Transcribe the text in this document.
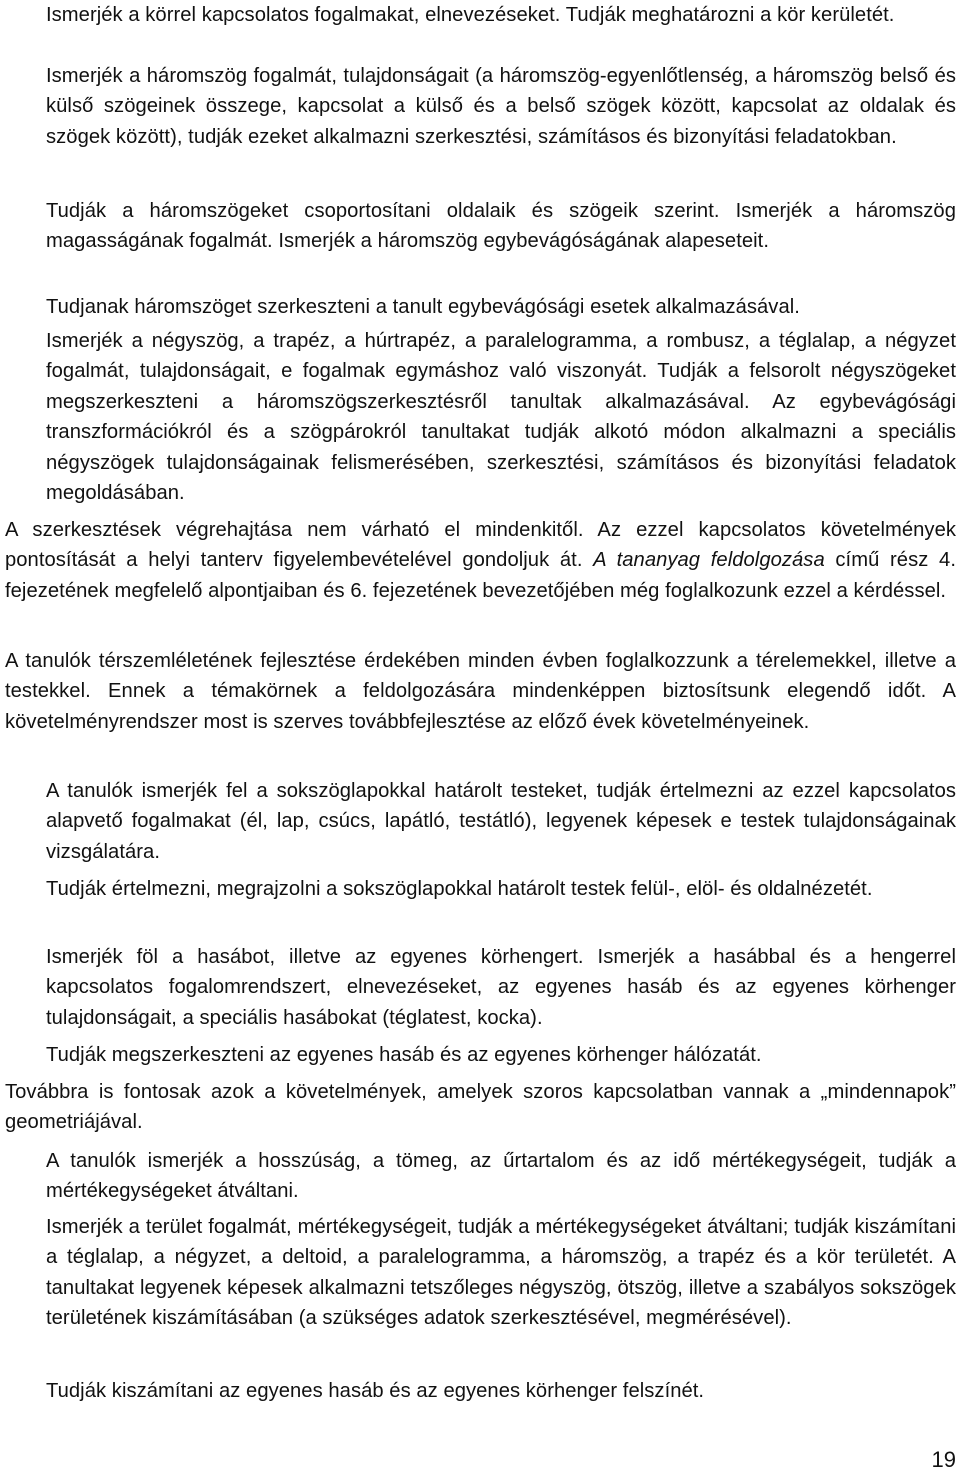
Ismerjék a körrel kapcsolatos fogalmakat, elnevezéseket. Tudják meghatározni a kör kerületét.

Ismerjék a háromszög fogalmát, tulajdonságait (a háromszög-egyenlőtlenség, a háromszög belső és külső szögeinek összege, kapcsolat a külső és a belső szögek között, kapcsolat az oldalak és szögek között), tudják ezeket alkalmazni szerkesztési, számításos és bizonyítási feladatokban.

Tudják a háromszögeket csoportosítani oldalaik és szögeik szerint. Ismerjék a háromszög magasságának fogalmát. Ismerjék a háromszög egybevágóságának alapeseteit.

Tudjanak háromszöget szerkeszteni a tanult egybevágósági esetek alkalmazásával.

Ismerjék a négyszög, a trapéz, a húrtrapéz, a paralelogramma, a rombusz, a téglalap, a négyzet fogalmát, tulajdonságait, e fogalmak egymáshoz való viszonyát. Tudják a felsorolt négyszögeket megszerkeszteni a háromszögszerkesztésről tanultak alkalmazásával. Az egybevágósági transzformációkról és a szögpárokról tanultakat tudják alkotó módon alkalmazni a speciális négyszögek tulajdonságainak felismerésében, szerkesztési, számításos és bizonyítási feladatok megoldásában.

A szerkesztések végrehajtása nem várható el mindenkitől. Az ezzel kapcsolatos követelmények pontosítását a helyi tanterv figyelembevételével gondoljuk át. A tananyag feldolgozása című rész 4. fejezetének megfelelő alpontjaiban és 6. fejezetének bevezetőjében még foglalkozunk ezzel a kérdéssel.

A tanulók térszemléletének fejlesztése érdekében minden évben foglalkozzunk a térelemekkel, illetve a testekkel. Ennek a témakörnek a feldolgozására mindenképpen biztosítsunk elegendő időt. A követelményrendszer most is szerves továbbfejlesztése az előző évek követelményeinek.

A tanulók ismerjék fel a sokszöglapokkal határolt testeket, tudják értelmezni az ezzel kapcsolatos alapvető fogalmakat (él, lap, csúcs, lapátló, testátló), legyenek képesek e testek tulajdonságainak vizsgálatára.

Tudják értelmezni, megrajzolni a sokszöglapokkal határolt testek felül-, elöl- és oldalnézetét.

Ismerjék föl a hasábot, illetve az egyenes körhengert. Ismerjék a hasábbal és a hengerrel kapcsolatos fogalomrendszert, elnevezéseket, az egyenes hasáb és az egyenes körhenger tulajdonságait, a speciális hasábokat (téglatest, kocka).

Tudják megszerkeszteni az egyenes hasáb és az egyenes körhenger hálózatát.

Továbbra is fontosak azok a követelmények, amelyek szoros kapcsolatban vannak a „mindennapok” geometriájával.

A tanulók ismerjék a hosszúság, a tömeg, az űrtartalom és az idő mértékegységeit, tudják a mértékegységeket átváltani.

Ismerjék a terület fogalmát, mértékegységeit, tudják a mértékegységeket átváltani; tudják kiszámítani a téglalap, a négyzet, a deltoid, a paralelogramma, a háromszög, a trapéz és a kör területét. A tanultakat legyenek képesek alkalmazni tetszőleges négyszög, ötszög, illetve a szabályos sokszögek területének kiszámításában (a szükséges adatok szerkesztésével, megmérésével).

Tudják kiszámítani az egyenes hasáb és az egyenes körhenger felszínét.

19
